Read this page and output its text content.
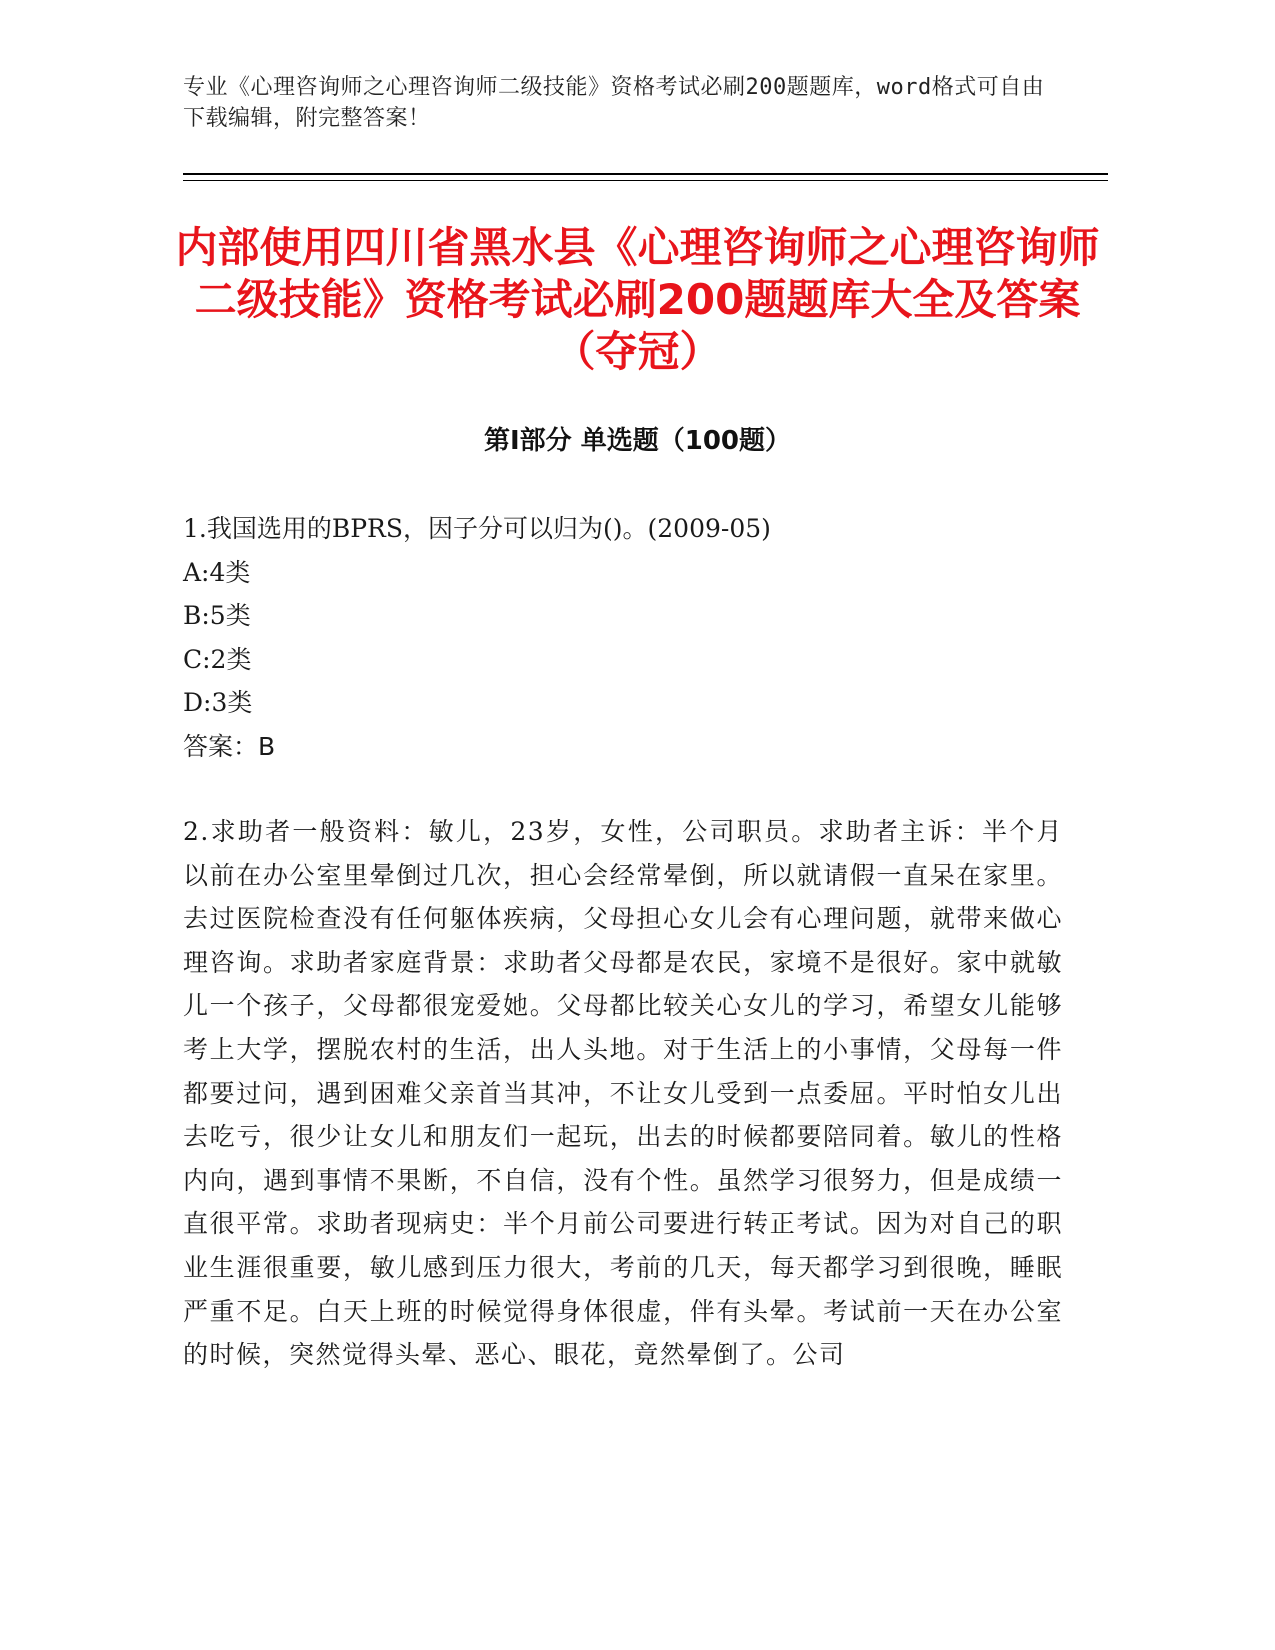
专业《心理咨询师之心理咨询师二级技能》资格考试必刷200题题库，word格式可自由下载编辑，附完整答案！
内部使用四川省黑水县《心理咨询师之心理咨询师二级技能》资格考试必刷200题题库大全及答案（夺冠）
第Ⅰ部分 单选题（100题）
1.我国选用的BPRS，因子分可以归为()。(2009-05)
A:4类
B:5类
C:2类
D:3类
答案：B
2.求助者一般资料：敏儿，23岁，女性，公司职员。求助者主诉：半个月以前在办公室里晕倒过几次，担心会经常晕倒，所以就请假一直呆在家里。去过医院检查没有任何躯体疾病，父母担心女儿会有心理问题，就带来做心理咨询。求助者家庭背景：求助者父母都是农民，家境不是很好。家中就敏儿一个孩子，父母都很宠爱她。父母都比较关心女儿的学习，希望女儿能够考上大学，摆脱农村的生活，出人头地。对于生活上的小事情，父母每一件都要过问，遇到困难父亲首当其冲，不让女儿受到一点委屈。平时怕女儿出去吃亏，很少让女儿和朋友们一起玩，出去的时候都要陪同着。敏儿的性格内向，遇到事情不果断，不自信，没有个性。虽然学习很努力，但是成绩一直很平常。求助者现病史：半个月前公司要进行转正考试。因为对自己的职业生涯很重要，敏儿感到压力很大，考前的几天，每天都学习到很晚，睡眠严重不足。白天上班的时候觉得身体很虚，伴有头晕。考试前一天在办公室的时候，突然觉得头晕、恶心、眼花，竟然晕倒了。公司
